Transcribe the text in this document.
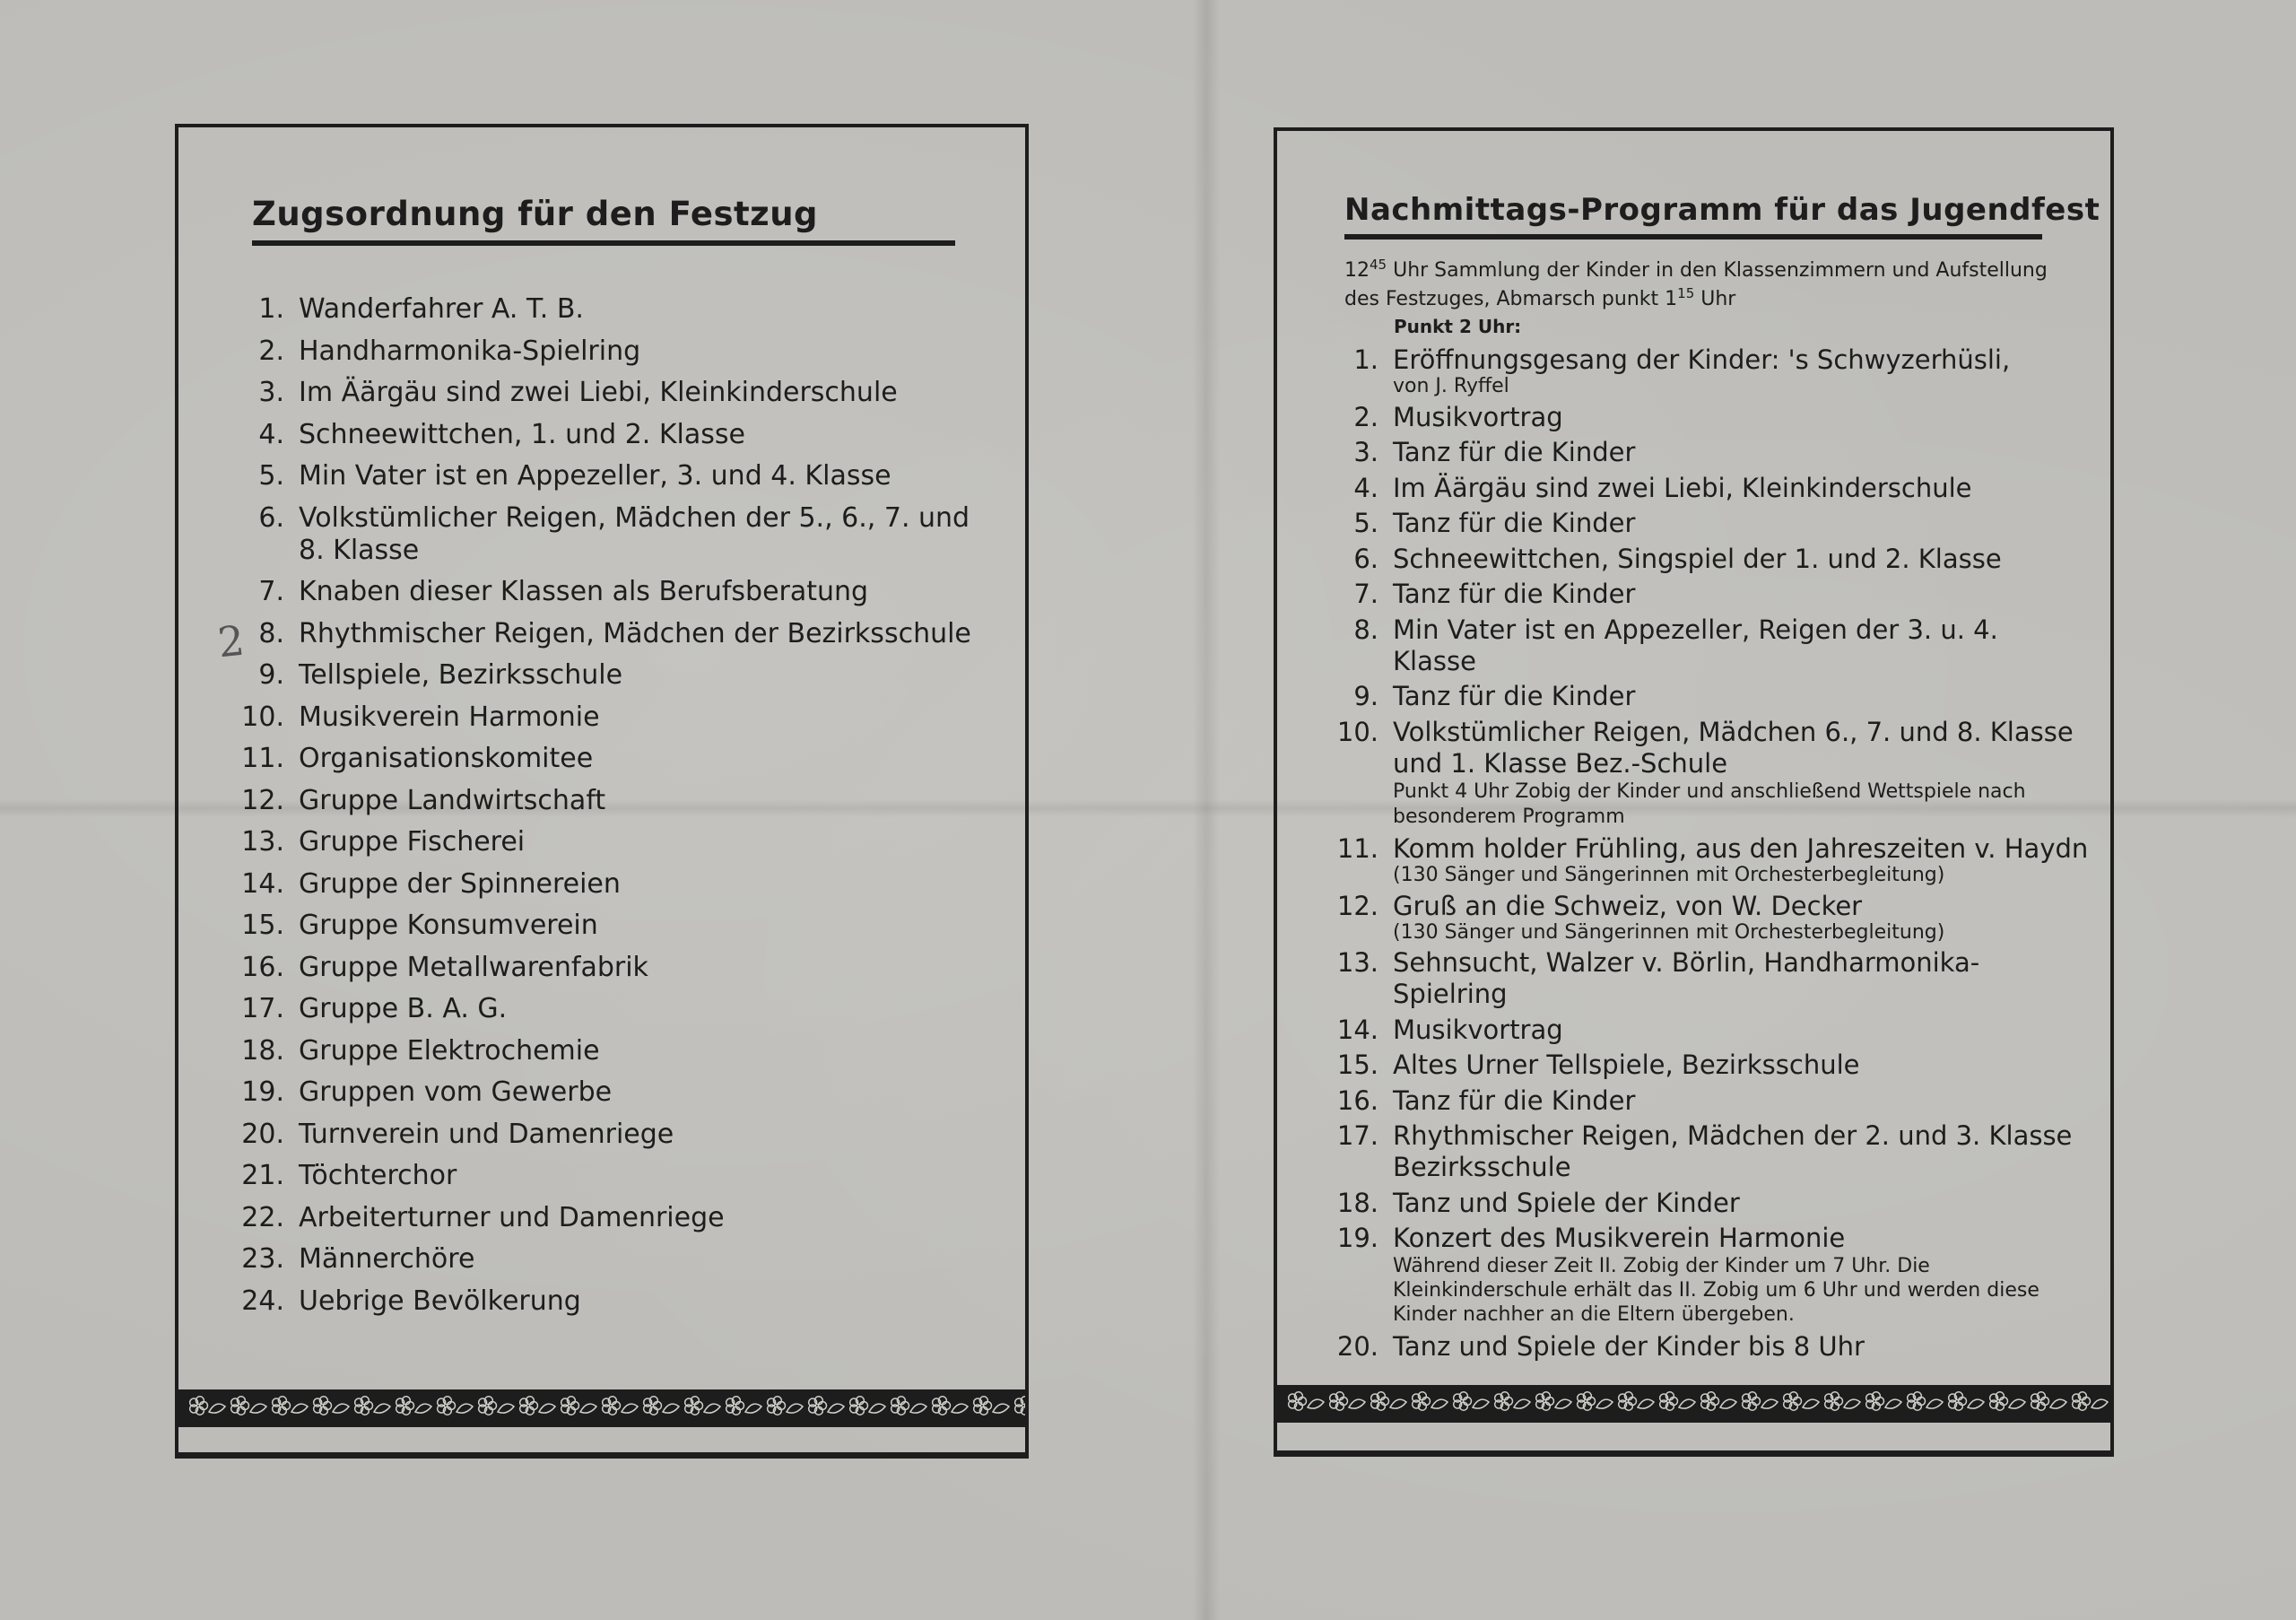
2
Zugsordnung für den Festzug
1. Wanderfahrer A. T. B.
2. Handharmonika-Spielring
3. Im Äärgäu sind zwei Liebi, Kleinkinderschule
4. Schneewittchen, 1. und 2. Klasse
5. Min Vater ist en Appezeller, 3. und 4. Klasse
6. Volkstümlicher Reigen, Mädchen der 5., 6., 7. und 8. Klasse
7. Knaben dieser Klassen als Berufsberatung
8. Rhythmischer Reigen, Mädchen der Bezirksschule
9. Tellspiele, Bezirksschule
10. Musikverein Harmonie
11. Organisationskomitee
12. Gruppe Landwirtschaft
13. Gruppe Fischerei
14. Gruppe der Spinnereien
15. Gruppe Konsumverein
16. Gruppe Metallwarenfabrik
17. Gruppe B. A. G.
18. Gruppe Elektrochemie
19. Gruppen vom Gewerbe
20. Turnverein und Damenriege
21. Töchterchor
22. Arbeiterturner und Damenriege
23. Männerchöre
24. Uebrige Bevölkerung
Nachmittags-Programm für das Jugendfest

$12^{45}$ Uhr Sammlung der Kinder in den Klassenzimmern und Aufstellung des Festzuges, Abmarsch punkt $1^{15}$ Uhr

Punkt 2 Uhr:

1. Eröffnungsgesang der Kinder: 's Schwyzerhüsli,
von J. Ryffel
2. Musikvortrag
3. Tanz für die Kinder
4. Im Äärgäu sind zwei Liebi, Kleinkinderschule
5. Tanz für die Kinder
6. Schneewittchen, Singspiel der 1. und 2. Klasse
7. Tanz für die Kinder
8. Min Vater ist en Appezeller, Reigen der 3. u. 4. Klasse
9. Tanz für die Kinder
10. Volkstümlicher Reigen, Mädchen 6., 7. und 8. Klasse und 1. Klasse Bez.-Schule
Punkt 4 Uhr Zobig der Kinder und anschließend Wettspiele nach besonderem Programm
11. Komm holder Frühling, aus den Jahreszeiten v. Haydn
(130 Sänger und Sängerinnen mit Orchesterbegleitung)
12. Gruß an die Schweiz, von W. Decker
(130 Sänger und Sängerinnen mit Orchesterbegleitung)
13. Sehnsucht, Walzer v. Börlin, Handharmonika-Spielring
14. Musikvortrag
15. Altes Urner Tellspiele, Bezirksschule
16. Tanz für die Kinder
17. Rhythmischer Reigen, Mädchen der 2. und 3. Klasse Bezirksschule
18. Tanz und Spiele der Kinder
19. Konzert des Musikverein Harmonie
Während dieser Zeit II. Zobig der Kinder um 7 Uhr. Die Kleinkinderschule erhält das II. Zobig um 6 Uhr und werden diese Kinder nachher an die Eltern übergeben.
20. Tanz und Spiele der Kinder bis 8 Uhr
